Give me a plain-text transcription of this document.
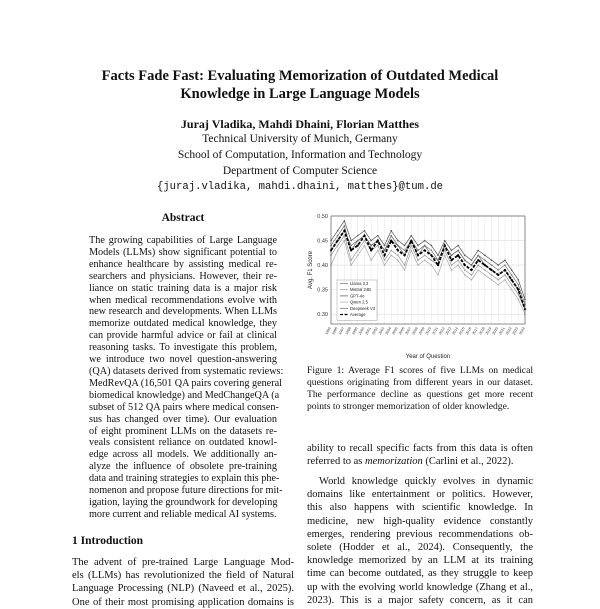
Facts Fade Fast: Evaluating Memorization of Outdated Medical
Knowledge in Large Language Models
Juraj Vladika, Mahdi Dhaini, Florian Matthes
Technical University of Munich, Germany
School of Computation, Information and Technology
Department of Computer Science
{juraj.vladika, mahdi.dhaini, matthes}@tum.de
Abstract
The growing capabilities of Large Language
Models (LLMs) show significant potential to
enhance healthcare by assisting medical re-
searchers and physicians. However, their re-
liance on static training data is a major risk
when medical recommendations evolve with
new research and developments. When LLMs
memorize outdated medical knowledge, they
can provide harmful advice or fail at clinical
reasoning tasks. To investigate this problem,
we introduce two novel question-answering
(QA) datasets derived from systematic reviews:
MedRevQA (16,501 QA pairs covering general
biomedical knowledge) and MedChangeQA (a
subset of 512 QA pairs where medical consen-
sus has changed over time). Our evaluation
of eight prominent LLMs on the datasets re-
veals consistent reliance on outdated knowl-
edge across all models. We additionally an-
alyze the influence of obsolete pre-training
data and training strategies to explain this phe-
nomenon and propose future directions for mit-
igation, laying the groundwork for developing
more current and reliable medical AI systems.
1 Introduction
The advent of pre-trained Large Language Mod-
els (LLMs) has revolutionized the field of Natural
Language Processing (NLP) (Naveed et al., 2025).
One of their most promising application domains is
0.30
0.35
0.40
0.45
0.50
1995 1996 1997 1998 1999 2000 2001 2002 2003 2004 2005 2006 2007 2008 2009 2010 2011 2012 2013 2014 2015 2016 2017 2018 2019 2020 2021 2022 2023 2024
Year of Question
Avg. F1 Score	Llama 3.3
Mistral 24B
GPT-4o
Qwen 2.5
Deepseek V3
Average
Figure 1: Average F1 scores of five LLMs on medical
questions originating from different years in our dataset.
The performance decline as questions get more recent
points to stronger memorization of older knowledge.
ability to recall specific facts from this data is often
referred to as memorization (Carlini et al., 2022).
World knowledge quickly evolves in dynamic
domains like entertainment or politics. However,
this also happens with scientific knowledge. In
medicine, new high-quality evidence constantly
emerges, rendering previous recommendations ob-
solete (Hodder et al., 2024). Consequently, the
knowledge memorized by an LLM at its training
time can become outdated, as they struggle to keep
up with the evolving world knowledge (Zhang et al.,
2023). This is a major safety concern, as it can
